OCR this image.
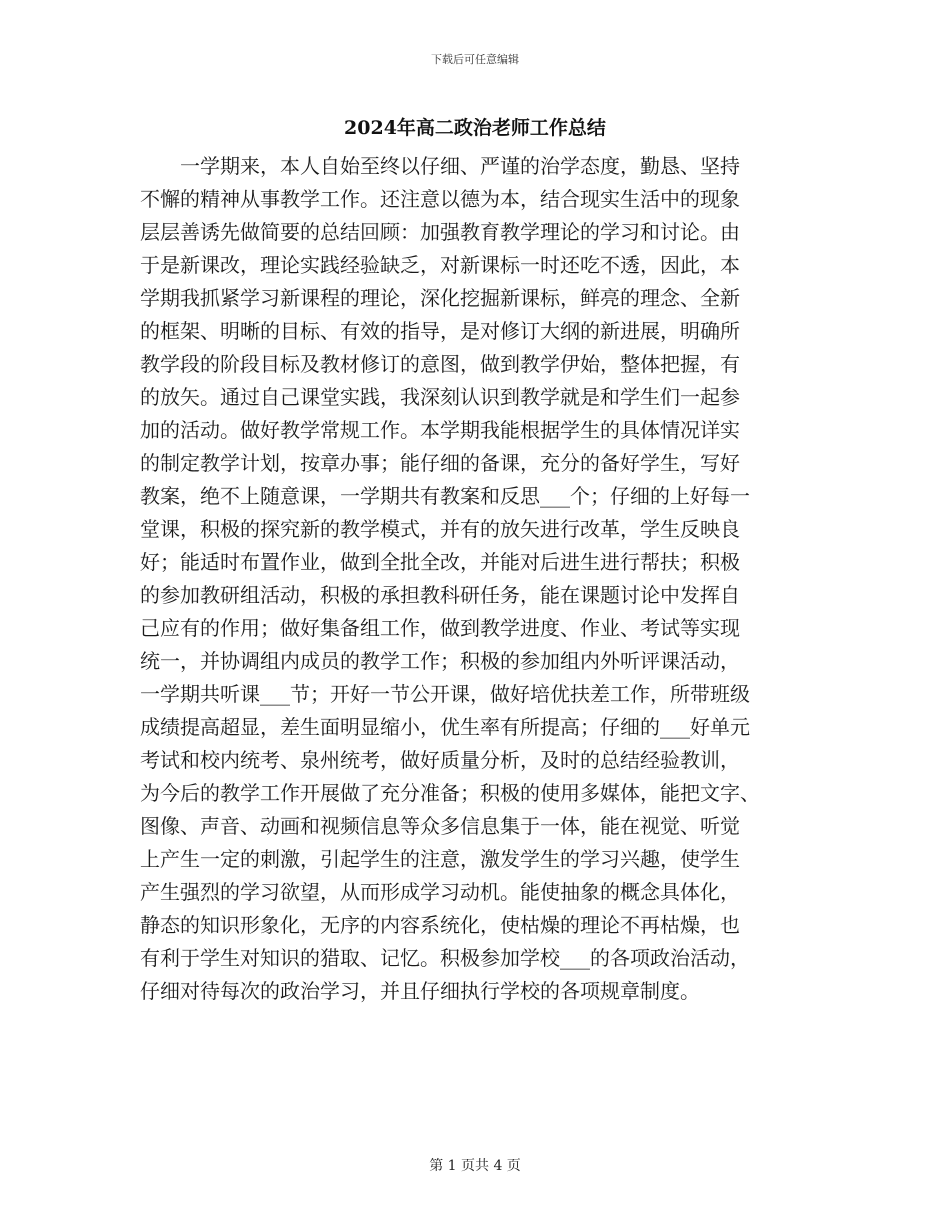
下载后可任意编辑
2024年高二政治老师工作总结
　　一学期来，本人自始至终以仔细、严谨的治学态度，勤恳、坚持
不懈的精神从事教学工作。还注意以德为本，结合现实生活中的现象
层层善诱先做简要的总结回顾：加强教育教学理论的学习和讨论。由
于是新课改，理论实践经验缺乏，对新课标一时还吃不透，因此，本
学期我抓紧学习新课程的理论，深化挖掘新课标，鲜亮的理念、全新
的框架、明晰的目标、有效的指导，是对修订大纲的新进展，明确所
教学段的阶段目标及教材修订的意图，做到教学伊始，整体把握，有
的放矢。通过自己课堂实践，我深刻认识到教学就是和学生们一起参
加的活动。做好教学常规工作。本学期我能根据学生的具体情况详实
的制定教学计划，按章办事；能仔细的备课，充分的备好学生，写好
教案，绝不上随意课，一学期共有教案和反思___个；仔细的上好每一
堂课，积极的探究新的教学模式，并有的放矢进行改革，学生反映良
好；能适时布置作业，做到全批全改，并能对后进生进行帮扶；积极
的参加教研组活动，积极的承担教科研任务，能在课题讨论中发挥自
己应有的作用；做好集备组工作，做到教学进度、作业、考试等实现
统一，并协调组内成员的教学工作；积极的参加组内外听评课活动，
一学期共听课___节；开好一节公开课，做好培优扶差工作，所带班级
成绩提高超显，差生面明显缩小，优生率有所提高；仔细的___好单元
考试和校内统考、泉州统考，做好质量分析，及时的总结经验教训，
为今后的教学工作开展做了充分准备；积极的使用多媒体，能把文字、
图像、声音、动画和视频信息等众多信息集于一体，能在视觉、听觉
上产生一定的刺激，引起学生的注意，激发学生的学习兴趣，使学生
产生强烈的学习欲望，从而形成学习动机。能使抽象的概念具体化，
静态的知识形象化，无序的内容系统化，使枯燥的理论不再枯燥，也
有利于学生对知识的猎取、记忆。积极参加学校___的各项政治活动，
仔细对待每次的政治学习，并且仔细执行学校的各项规章制度。
第 1 页共 4 页
